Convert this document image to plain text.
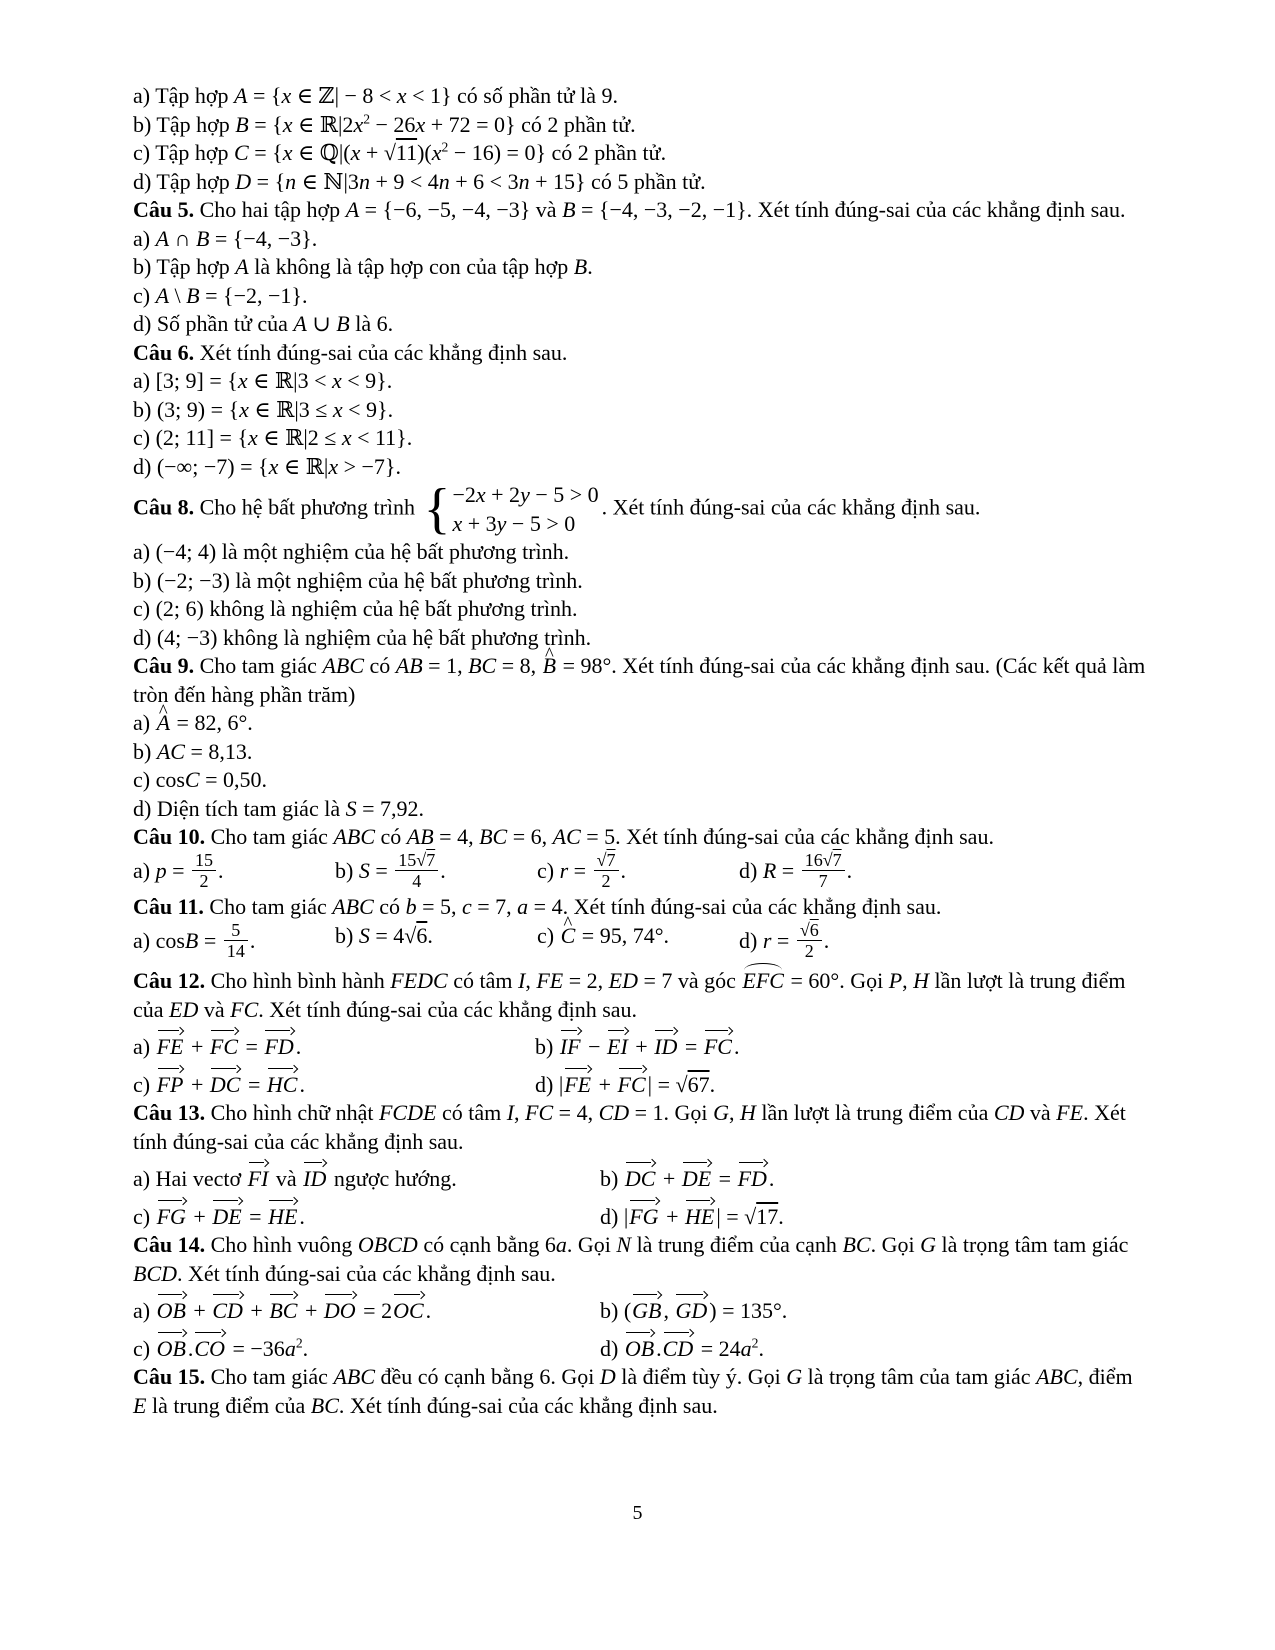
a) Tập hợp A = {x ∈ ℤ| − 8 < x < 1} có số phần tử là 9.

b) Tập hợp B = {x ∈ $ℝ|2x^2 - 26x + 72 = 0$} có 2 phần tử.

c) Tập hợp C = {x ∈ ℚ|(x + $√11)(x^2 - 16) = 0$} có 2 phần tử.

d) Tập hợp D = {n ∈ ℕ|3n + 9 < 4n + 6 < 3n + 15} có 5 phần tử.

Câu 5. Cho hai tập hợp A = {−6, −5, −4, −3} và B = {−4, −3, −2, −1}. Xét tính đúng-sai của các khẳng định sau.

a) A ∩ B = {−4, −3}.

b) Tập hợp A là không là tập hợp con của tập hợp B.

c) A \ B = {−2, −1}.

d) Số phần tử của A ∪ B là 6.

Câu 6. Xét tính đúng-sai của các khẳng định sau.

a) [3; 9] = {x ∈ ℝ|3 < x < 9}.

b) (3; 9) = {x ∈ ℝ|3 ≤ x < 9}.

c) (2; 11] = {x ∈ ℝ|2 ≤ x < 11}.

d) (−∞; −7) = {x ∈ ℝ|x > −7}.

Câu 8. Cho hệ bất phương trình { −2x + 2y − 5 > 0
x + 3y − 5 > 0
. Xét tính đúng-sai của các khẳng định sau.

a) (−4; 4) là một nghiệm của hệ bất phương trình.

b) (−2; −3) là một nghiệm của hệ bất phương trình.

c) (2; 6) không là nghiệm của hệ bất phương trình.

d) (4; −3) không là nghiệm của hệ bất phương trình.

Câu 9. Cho tam giác ABC có AB = 1, BC = 8, B ^ = 98°. Xét tính đúng-sai của các khẳng định sau. (Các kết quả làm tròn đến hàng phần trăm)

a) A ^ = 82, 6°.

b) AC = 8,13.

c) cosC = 0,50.

d) Diện tích tam giác là S = 7,92.

Câu 10. Cho tam giác ABC có AB = 4, BC = 6, AC = 5. Xét tính đúng-sai của các khẳng định sau.

a) $p = \frac{15}{2}$ .	b) $S = \frac{15√7}{4}$ .	c) $r = \frac{√7}{2}$ .	d) $R = \frac{16√7}{7}$ .

Câu 11. Cho tam giác ABC có b = 5, c = 7, a = 4. Xét tính đúng-sai của các khẳng định sau.

a) $\cos B = \frac{5}{14}$ .	b) S = 4√6.	c) C ^ = 95, 74°.	d) $r = \frac{√6}{2}$ .

Câu 12. Cho hình bình hành FEDC có tâm I, FE = 2, ED = 7 và góc EFC = 60°. Gọi P, H lần lượt là trung điểm của ED và FC. Xét tính đúng-sai của các khẳng định sau.

a) FE + FC = FD.	b) IF − EI + ID = FC.

c) FP + DC = HC.	d) |FE + FC| = √67.

Câu 13. Cho hình chữ nhật FCDE có tâm I, FC = 4, CD = 1. Gọi G, H lần lượt là trung điểm của CD và FE. Xét tính đúng-sai của các khẳng định sau.

a) Hai vectơ FI và ID ngược hướng.	b) DC + DE = FD.

c) FG + DE = HE.	d) |FG + HE| = √17.

Câu 14. Cho hình vuông OBCD có cạnh bằng 6a. Gọi N là trung điểm của cạnh BC. Gọi G là trọng tâm tam giác BCD. Xét tính đúng-sai của các khẳng định sau.

a) OB + CD + BC + DO = 2OC.	b) (GB, GD) = 135°.

c) $OB.CO = -36a^2$.	d) $OB.CD = 24a^2$.

Câu 15. Cho tam giác ABC đều có cạnh bằng 6. Gọi D là điểm tùy ý. Gọi G là trọng tâm của tam giác ABC, điểm E là trung điểm của BC. Xét tính đúng-sai của các khẳng định sau.

5
